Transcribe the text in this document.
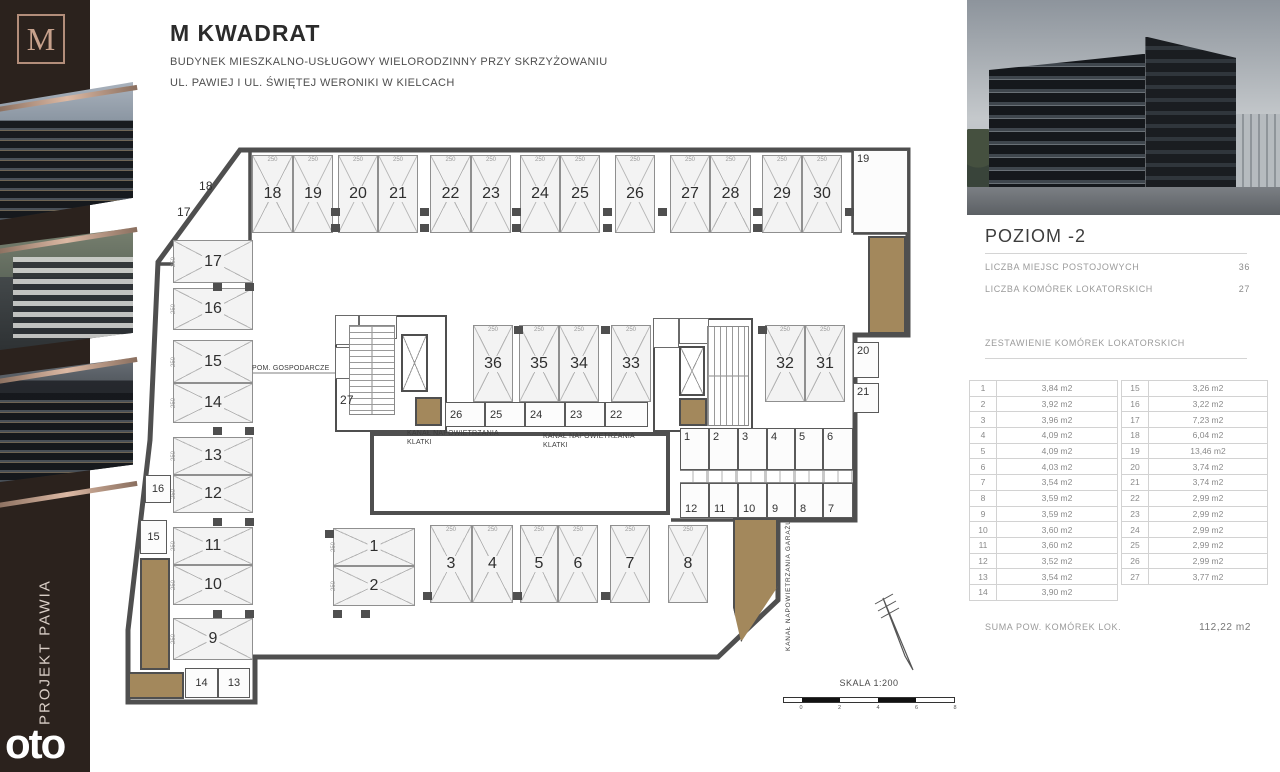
PROJEKT PAWIA
oto
M	M KWADRAT
BUDYNEK MIESZKALNO-USŁUGOWY WIELORODZINNY PRZY SKRZYŻOWANIU
UL. PAWIEJ I UL. ŚWIĘTEJ WERONIKI W KIELCACH
250
18
250
19
250
20
250
21
250
22
250
23
250
24
250
25
250
26
250
27
250
28
250
29
250
30
250 17
250 16
250 15
250 14
250 13
250 12
250 11
250 10
250 9
250
36
250
35
250
34
250
33
250
32
250
31
250 1
250 2
250
3
250
4
250
5
250
6
250
7
250
8
19
20
21
26	25	24	23	22
16
15
14 13
1 2 3 4 5 6
12 11 10 9 8 7
KANAŁ NAPOWIETRZANIA GARAŻU
18
17
27
POM. GOSPODARCZE
KANAŁ NAPOWIETRZANIA
KLATKI
KANAŁ NAPOWIETRZANIA
KLATKI
SKALA 1:200
0	2	4	6	8
POZIOM -2
LICZBA MIEJSC POSTOJOWYCH	36
LICZBA KOMÓREK LOKATORSKICH	27
ZESTAWIENIE KOMÓREK LOKATORSKICH
1	3,84 m2
2	3,92 m2
3	3,96 m2
4	4,09 m2
5	4,09 m2
6	4,03 m2
7	3,54 m2
8	3,59 m2
9	3,59 m2
10	3,60 m2
11	3,60 m2
12	3,52 m2
13	3,54 m2
14	3,90 m2
15	3,26 m2
16	3,22 m2
17	7,23 m2
18	6,04 m2
19	13,46 m2
20	3,74 m2
21	3,74 m2
22	2,99 m2
23	2,99 m2
24	2,99 m2
25	2,99 m2
26	2,99 m2
27	3,77 m2
SUMA POW. KOMÓREK LOK.	112,22 m2
